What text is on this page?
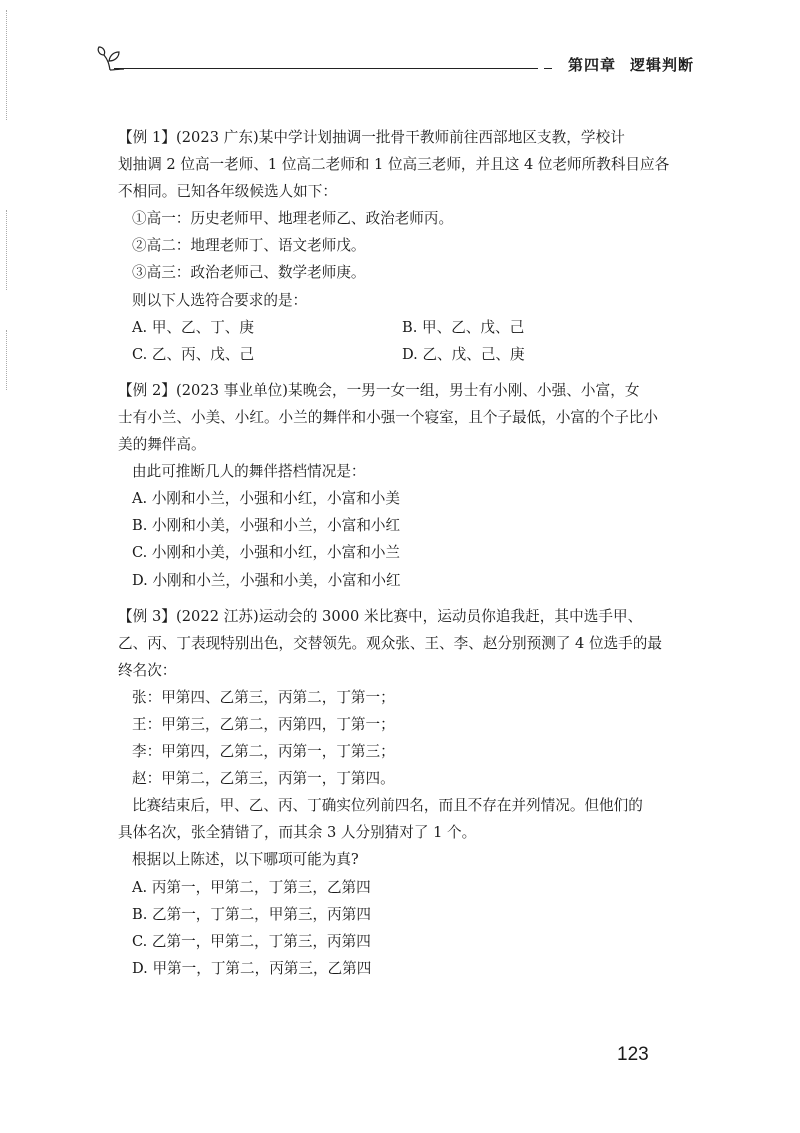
第四章 逻辑判断
【例 1】(2023 广东)某中学计划抽调一批骨干教师前往西部地区支教，学校计
划抽调 2 位高一老师、1 位高二老师和 1 位高三老师，并且这 4 位老师所教科目应各
不相同。已知各年级候选人如下：
①高一：历史老师甲、地理老师乙、政治老师丙。
②高二：地理老师丁、语文老师戊。
③高三：政治老师己、数学老师庚。
则以下人选符合要求的是：
A. 甲、乙、丁、庚	B. 甲、乙、戊、己
C. 乙、丙、戊、己	D. 乙、戊、己、庚
【例 2】(2023 事业单位)某晚会，一男一女一组，男士有小刚、小强、小富，女
士有小兰、小美、小红。小兰的舞伴和小强一个寝室，且个子最低，小富的个子比小
美的舞伴高。
由此可推断几人的舞伴搭档情况是：
A. 小刚和小兰，小强和小红，小富和小美
B. 小刚和小美，小强和小兰，小富和小红
C. 小刚和小美，小强和小红，小富和小兰
D. 小刚和小兰，小强和小美，小富和小红
【例 3】(2022 江苏)运动会的 3000 米比赛中，运动员你追我赶，其中选手甲、
乙、丙、丁表现特别出色，交替领先。观众张、王、李、赵分别预测了 4 位选手的最
终名次：
张：甲第四、乙第三，丙第二，丁第一；
王：甲第三，乙第二，丙第四，丁第一；
李：甲第四，乙第二，丙第一，丁第三；
赵：甲第二，乙第三，丙第一，丁第四。
比赛结束后，甲、乙、丙、丁确实位列前四名，而且不存在并列情况。但他们的
具体名次，张全猜错了，而其余 3 人分别猜对了 1 个。
根据以上陈述，以下哪项可能为真?
A. 丙第一，甲第二，丁第三，乙第四
B. 乙第一，丁第二，甲第三，丙第四
C. 乙第一，甲第二，丁第三，丙第四
D. 甲第一，丁第二，丙第三，乙第四
123
